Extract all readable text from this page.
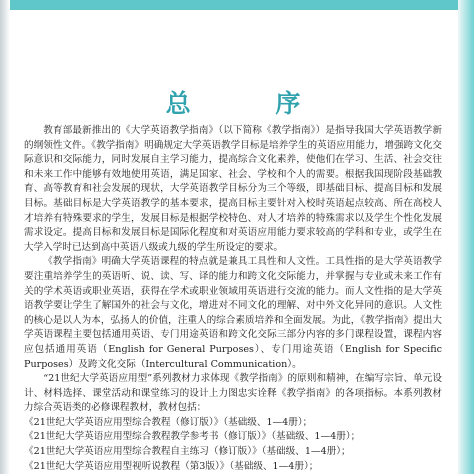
总 序

教育部最新推出的《大学英语教学指南》（以下简称《教学指南》）是指导我国大学英语教学新的纲领性文件。《教学指南》明确规定大学英语教学目标是培养学生的英语应用能力，增强跨文化交际意识和交际能力，同时发展自主学习能力，提高综合文化素养，使他们在学习、生活、社会交往和未来工作中能够有效地使用英语，满足国家、社会、学校和个人的需要。根据我国现阶段基础教育、高等教育和社会发展的现状，大学英语教学目标分为三个等级，即基础目标、提高目标和发展目标。基础目标是大学英语教学的基本要求，提高目标主要针对入校时英语起点较高、所在高校人才培养有特殊要求的学生，发展目标是根据学校特色、对人才培养的特殊需求以及学生个性化发展需求设定。提高目标和发展目标是国际化程度和对英语应用能力要求较高的学科和专业，或学生在大学入学时已达到高中英语八级或九级的学生所设定的要求。

《教学指南》明确大学英语课程的特点就是兼具工具性和人文性。工具性指的是大学英语教学要注重培养学生的英语听、说、读、写、译的能力和跨文化交际能力，并掌握与专业或未来工作有关的学术英语或职业英语，获得在学术或职业领域用英语进行交流的能力。而人文性指的是大学英语教学要让学生了解国外的社会与文化，增进对不同文化的理解、对中外文化异同的意识。人文性的核心是以人为本，弘扬人的价值，注重人的综合素质培养和全面发展。为此，《教学指南》提出大学英语课程主要包括通用英语、专门用途英语和跨文化交际三部分内容的多门课程设置，课程内容应包括通用英语（English for General Purposes）、专门用途英语（English for Specific Purposes）及跨文化交际（Intercultural Communication）。

“21世纪大学英语应用型”系列教材力求体现《教学指南》的原则和精神，在编写宗旨、单元设计、材料选择、课堂活动和课堂练习的设计上力图忠实诠释《教学指南》的各项指标。本系列教材力综合英语类的必修课程教材，教材包括：

《21世纪大学英语应用型综合教程（修订版）》（基础级、1—4册）；
《21世纪大学英语应用型综合教程教学参考书（修订版）》（基础级、1—4册）；
《21世纪大学英语应用型综合教程自主练习（修订版）》（基础级、1—4册）；
《21世纪大学英语应用型视听说教程（第3版）》（基础级、1—4册）；
